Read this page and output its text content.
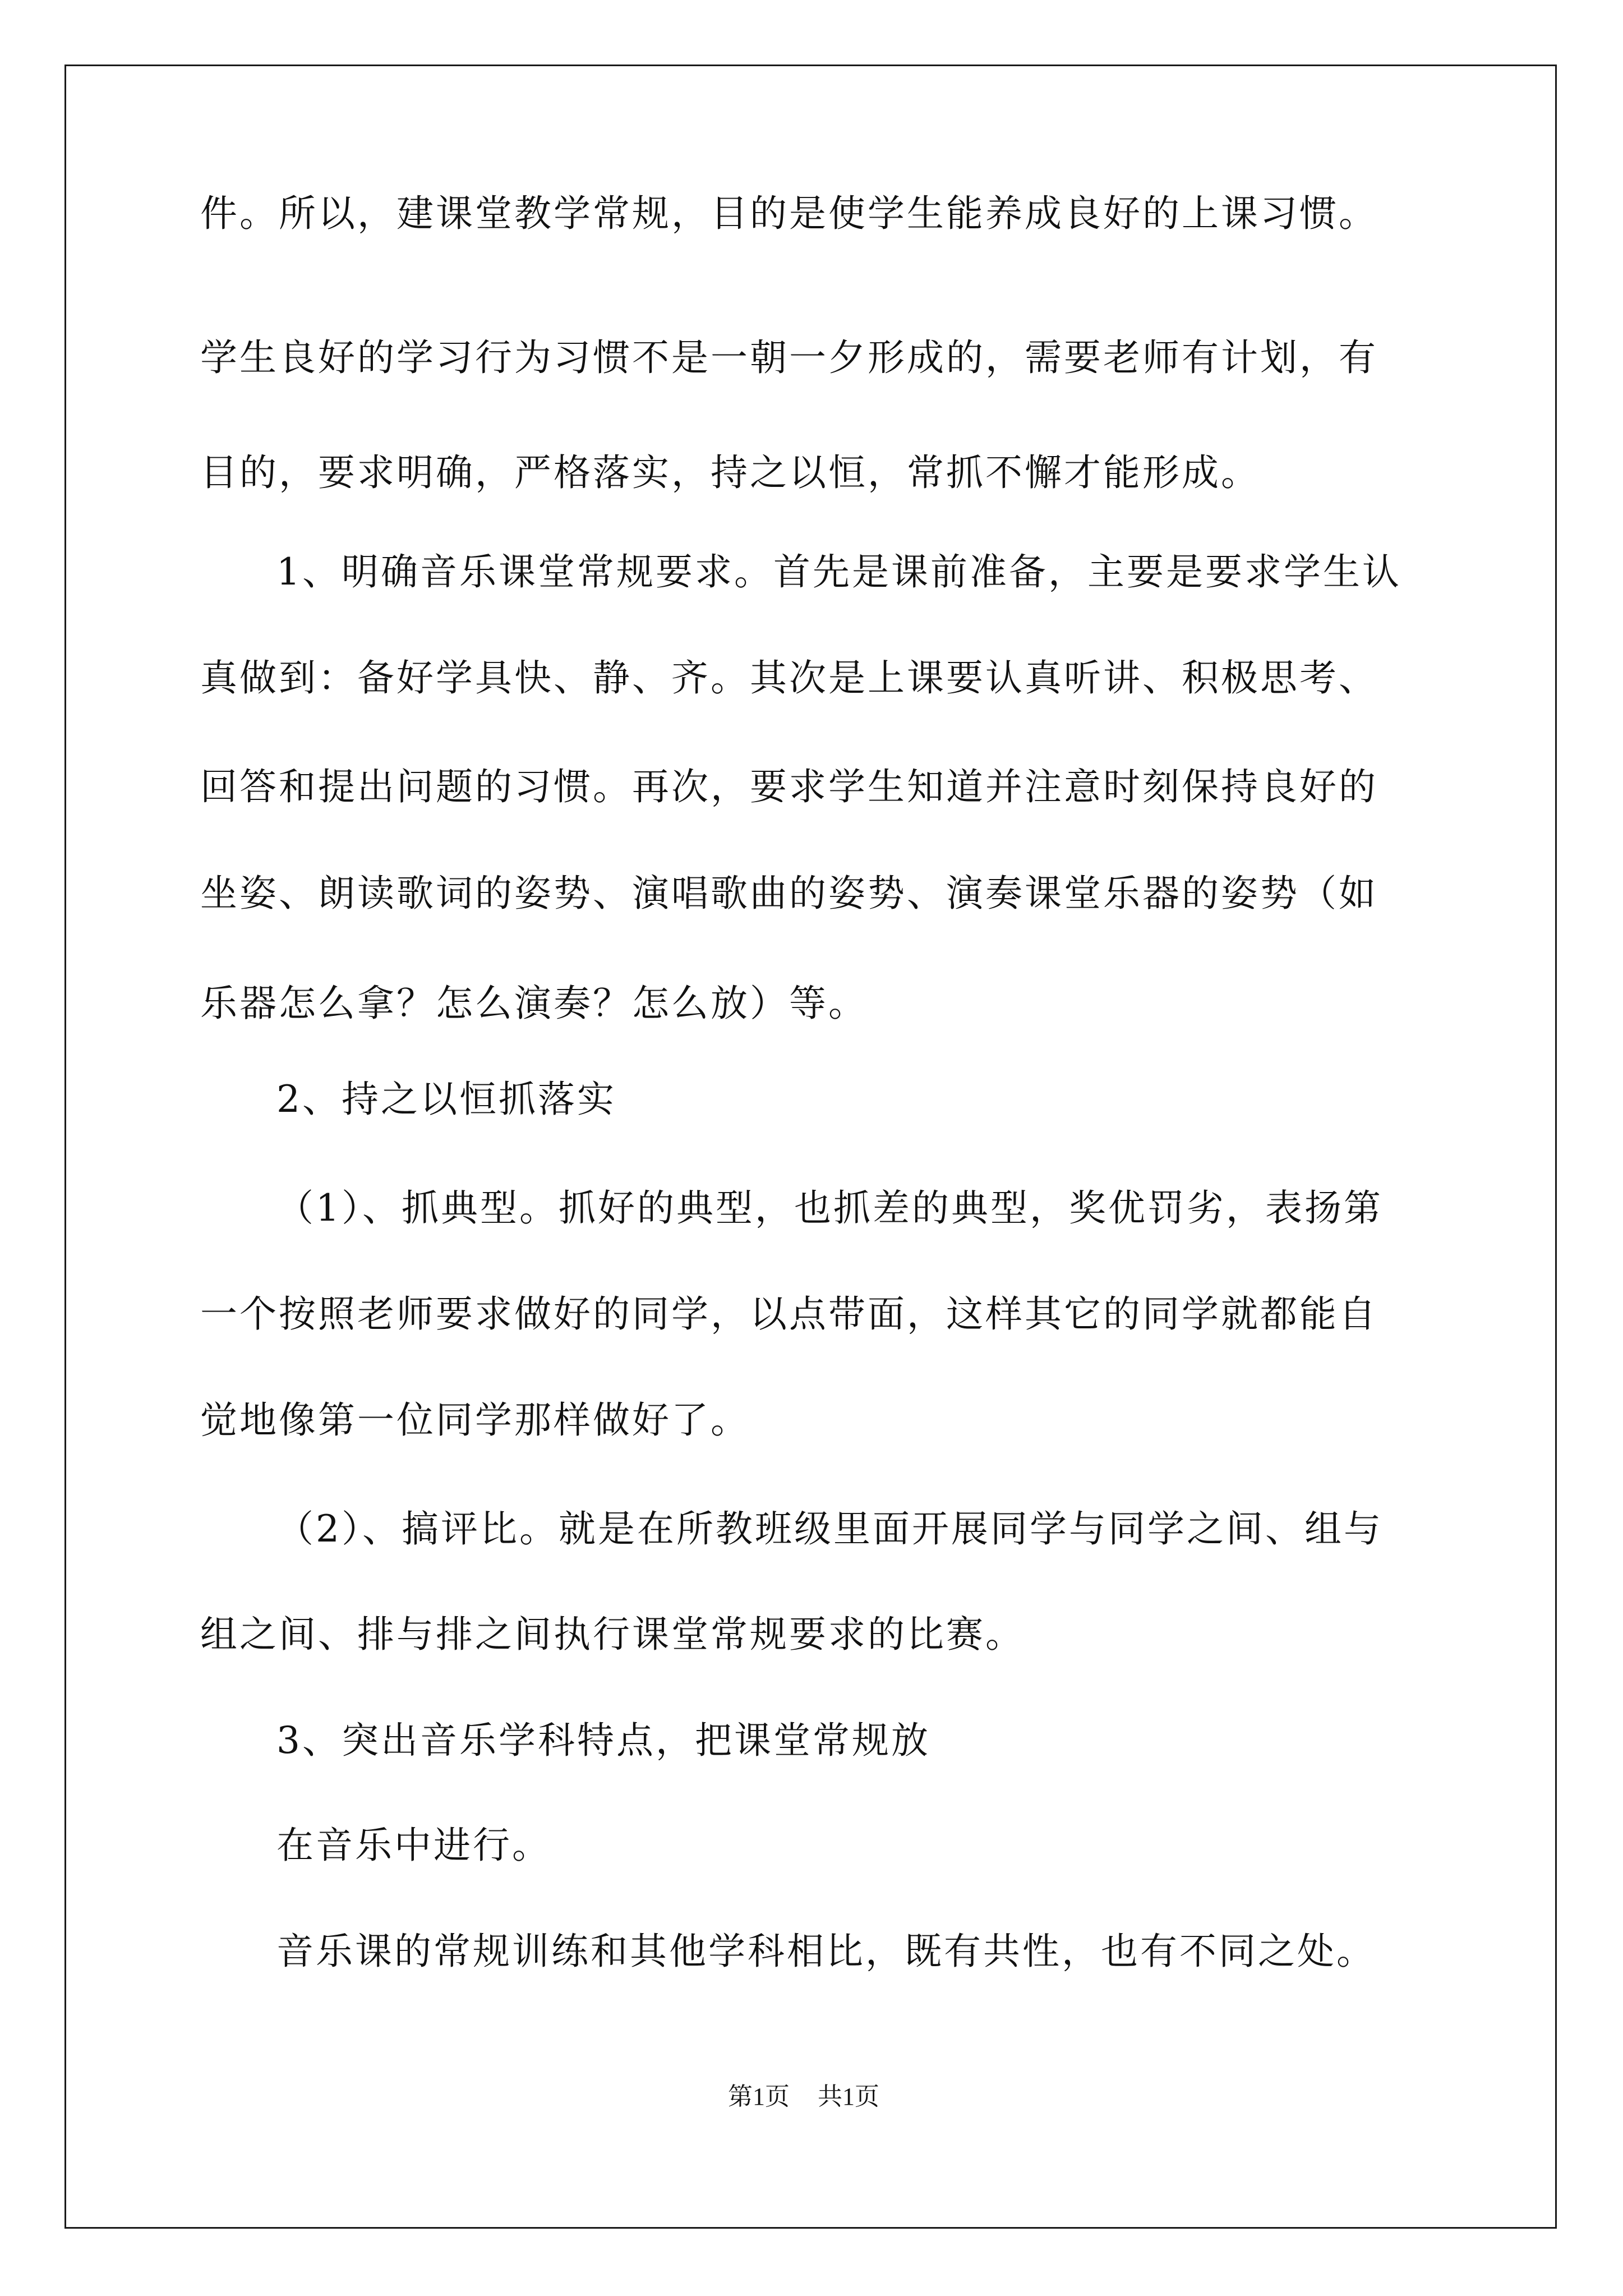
件。所以，建课堂教学常规，目的是使学生能养成良好的上课习惯。

学生良好的学习行为习惯不是一朝一夕形成的，需要老师有计划，有

目的，要求明确，严格落实，持之以恒，常抓不懈才能形成。

1、明确音乐课堂常规要求。首先是课前准备，主要是要求学生认

真做到：备好学具快、静、齐。其次是上课要认真听讲、积极思考、

回答和提出问题的习惯。再次，要求学生知道并注意时刻保持良好的

坐姿、朗读歌词的姿势、演唱歌曲的姿势、演奏课堂乐器的姿势（如

乐器怎么拿？怎么演奏？怎么放）等。

2、持之以恒抓落实

（1）、抓典型。抓好的典型，也抓差的典型，奖优罚劣，表扬第

一个按照老师要求做好的同学，以点带面，这样其它的同学就都能自

觉地像第一位同学那样做好了。

（2）、搞评比。就是在所教班级里面开展同学与同学之间、组与

组之间、排与排之间执行课堂常规要求的比赛。

3、突出音乐学科特点，把课堂常规放

在音乐中进行。

音乐课的常规训练和其他学科相比，既有共性，也有不同之处。

第1页 共1页
